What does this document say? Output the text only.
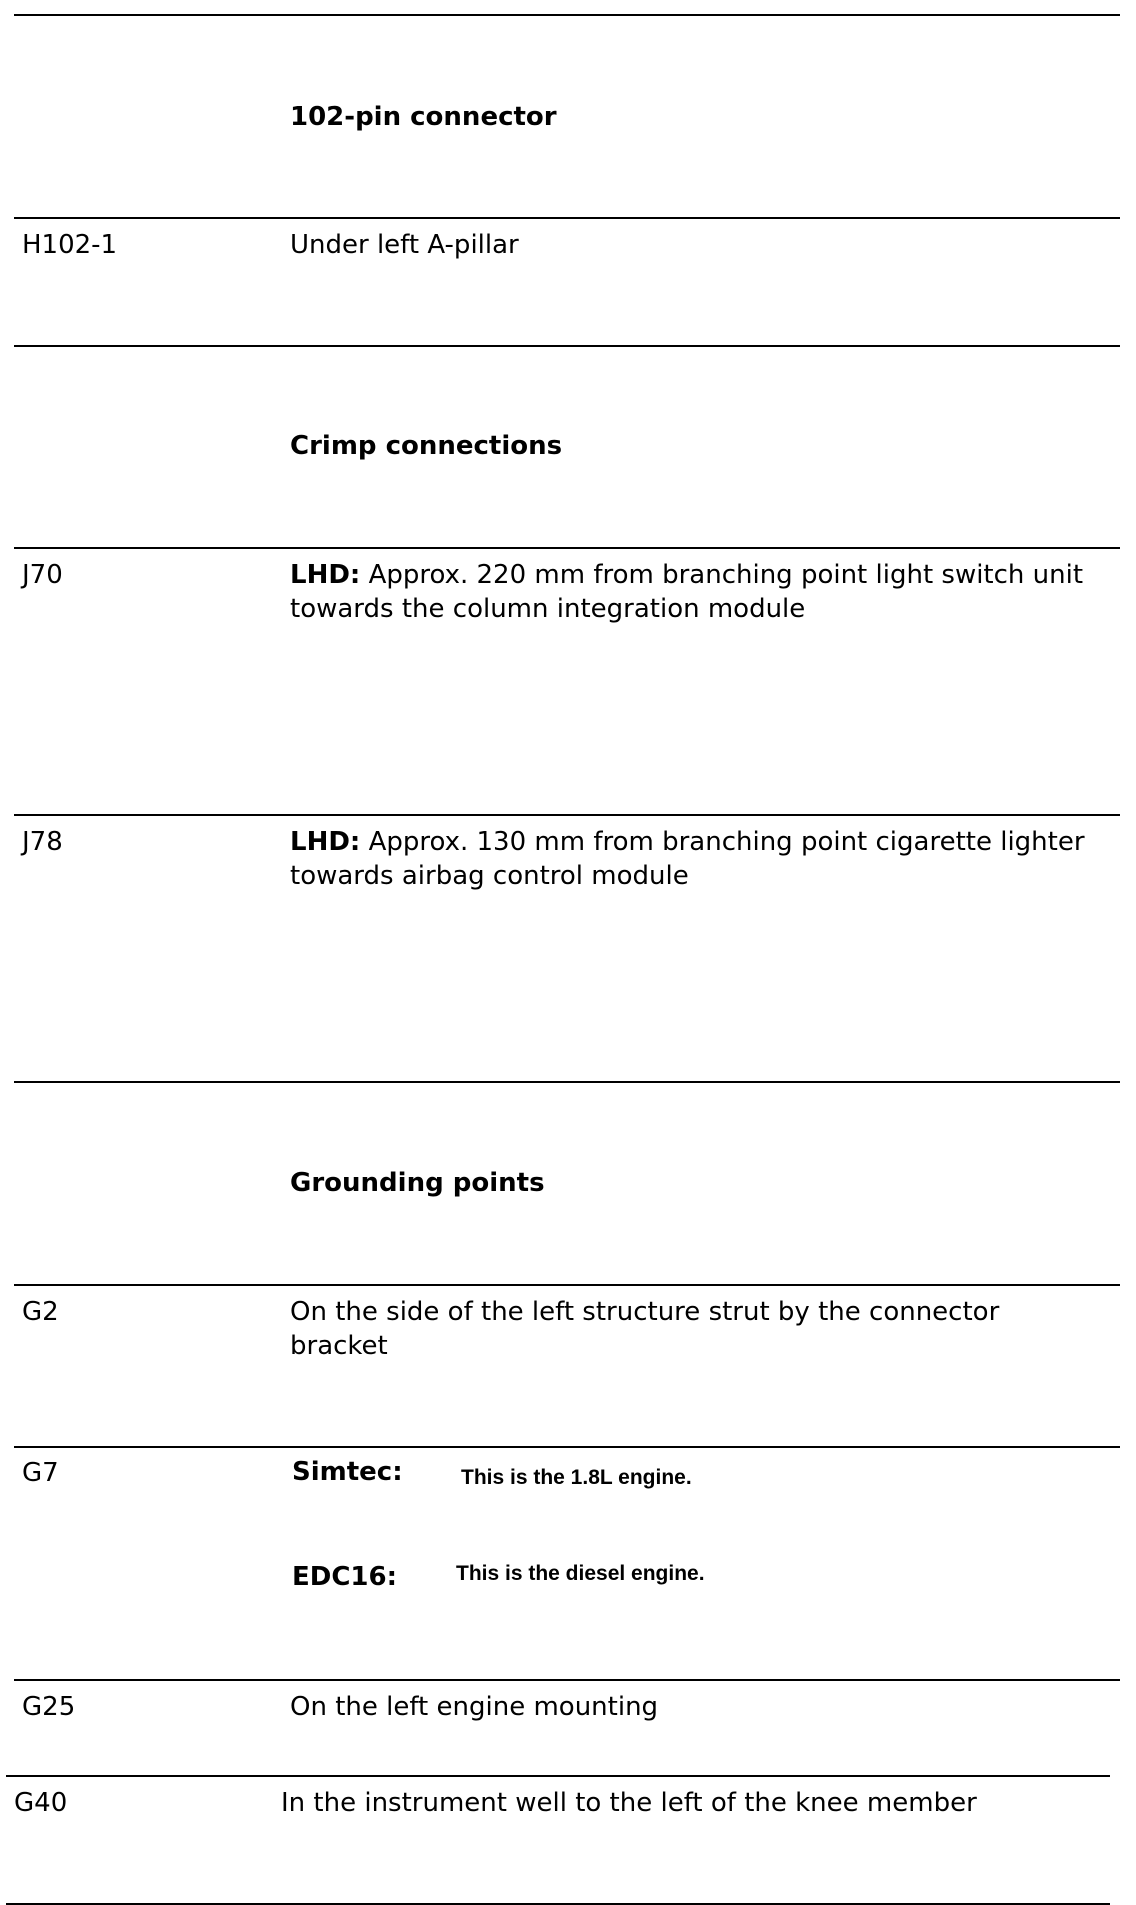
102-pin connector
H102-1	Under left A-pillar
Crimp connections
J70	LHD: Approx. 220 mm from branching point light switch unit towards the column integration module
J78	LHD: Approx. 130 mm from branching point cigarette lighter towards airbag control module
Grounding points
G2	On the side of the left structure strut by the connector bracket
G7	Simtec:	This is the 1.8L engine.
EDC16:	This is the diesel engine.
G25	On the left engine mounting
G40	In the instrument well to the left of the knee member
